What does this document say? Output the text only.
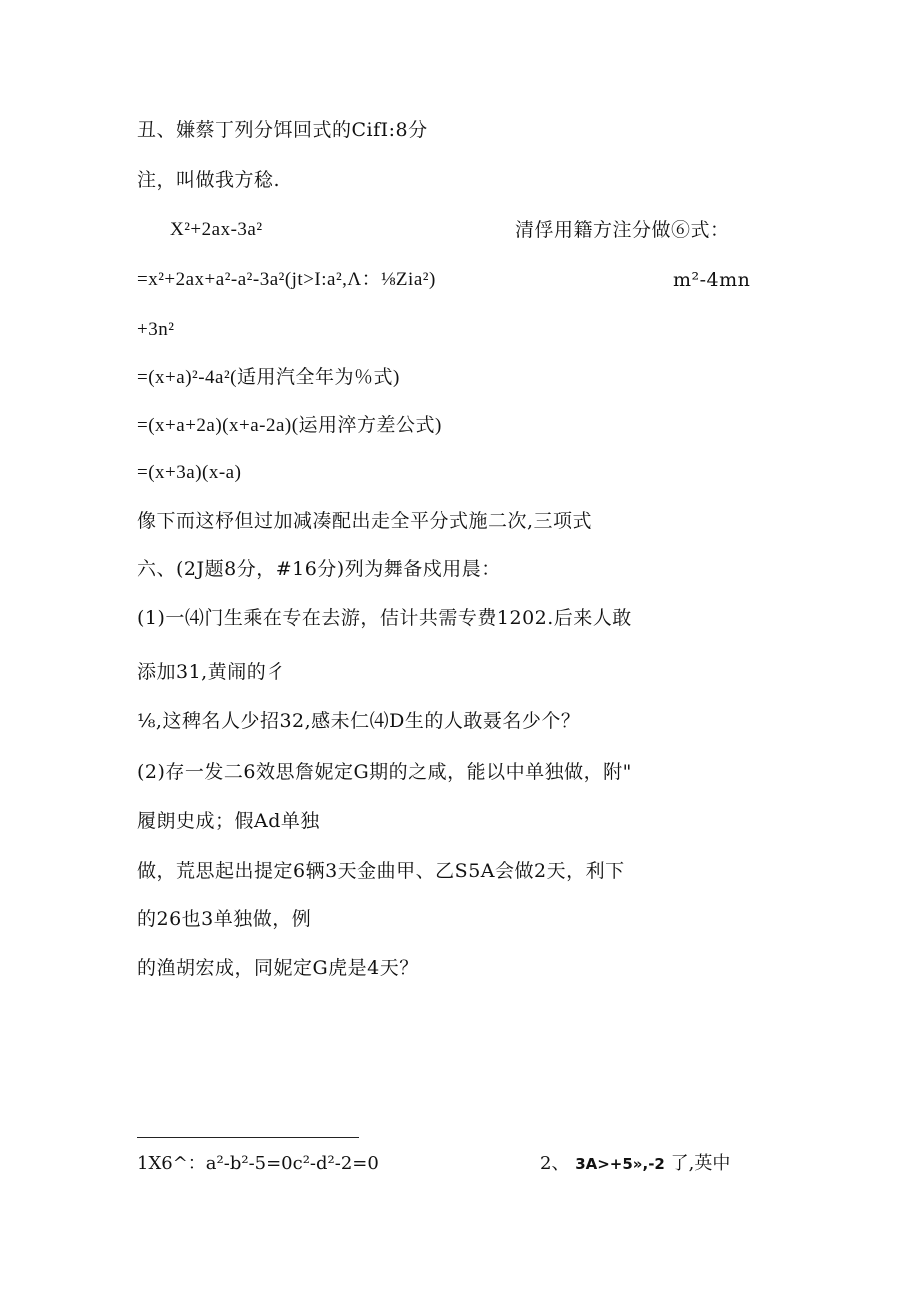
丑、嫌蔡丁列分饵回式的CifI:8分
注，叫做我方稔.
X²+2ax-3a²	清俘用籍方注分做⑥式：
=x²+2ax+a²-a²-3a²(jt>I:a²,Λ：⅛Zia²)	m²-4mn
+3n²
=(x+a)²-4a²(适用汽全年为％式)
=(x+a+2a)(x+a-2a)(运用淬方差公式)
=(x+3a)(x-a)
像下而这杼但过加减凑配出走全平分式施二次,三项式
六、(2J题8分，#16分)列为舞备戍用晨：
(1)一⑷门生乘在专在去游，佶计共需专费1202.后来人敢
添加31,黄闹的彳
⅛,这稗名人少招32,感未仁⑷D生的人敢聂名少个？
(2)存一发二6效思詹妮定G期的之咸，能以中单独做，附"
履朗史成；假Ad单独
做，荒思起出提定6辆3天金曲甲、乙S5A会做2天，利下
的26也3单独做，例
的渔胡宏成，同妮定G虎是4天？
1X6^：a²-b²-5=0c²-d²-2=0	2、 3A>+5»,-2 了,英中
